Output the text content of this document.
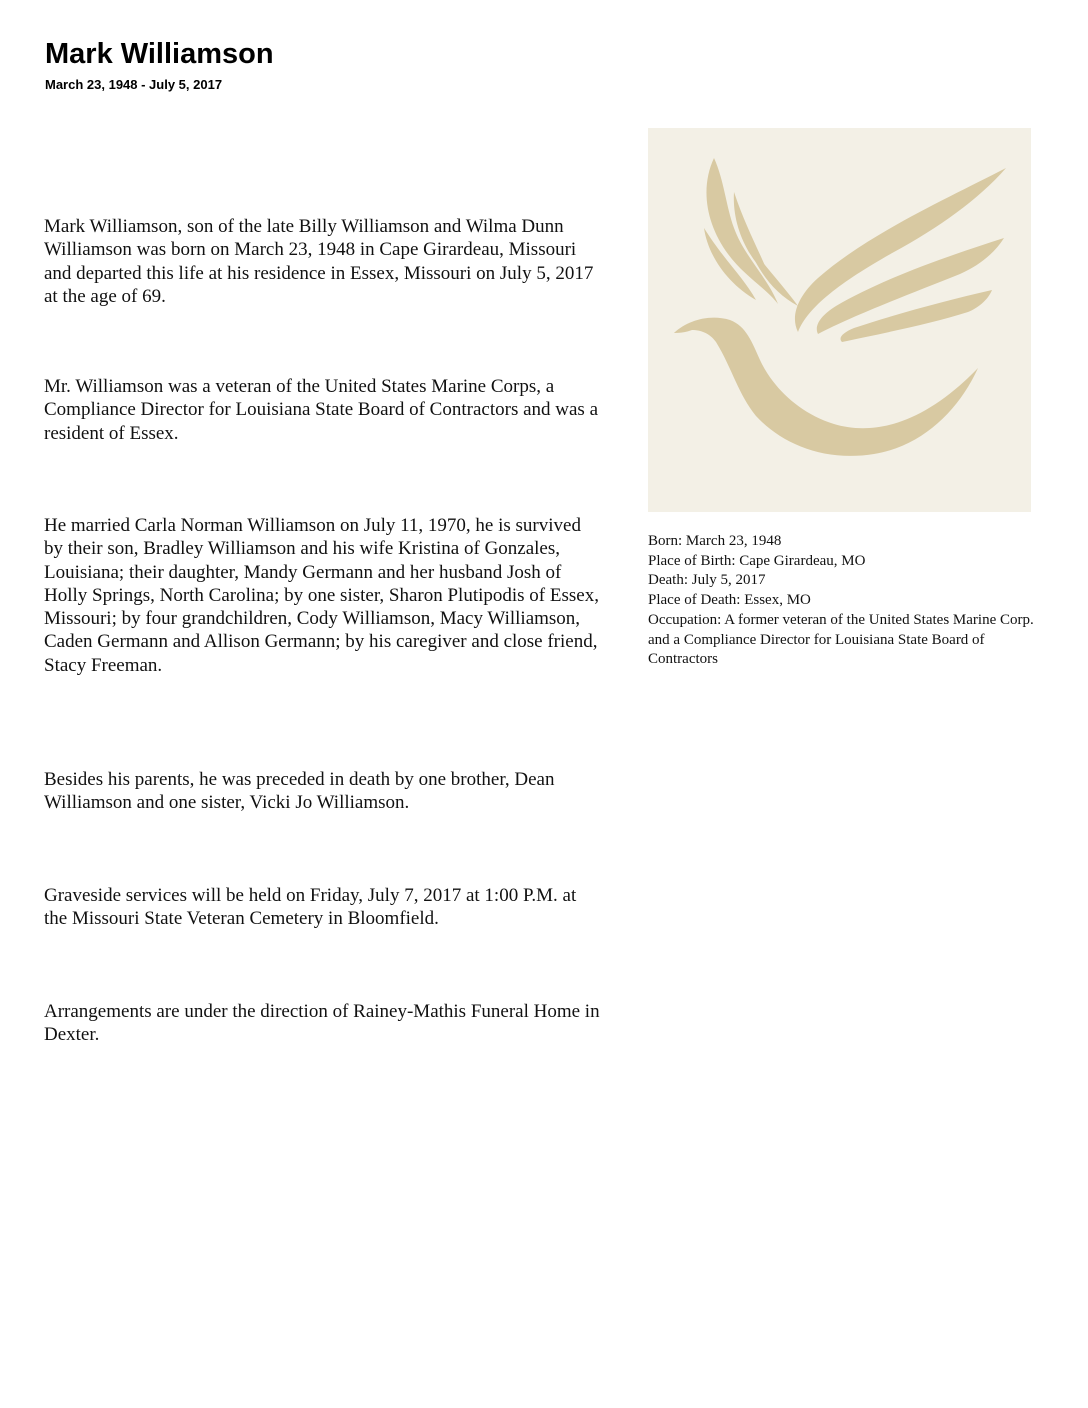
Mark Williamson

March 23, 1948 - July 5, 2017

Mark Williamson, son of the late Billy Williamson and Wilma Dunn Williamson was born on March 23, 1948 in Cape Girardeau, Missouri and departed this life at his residence in Essex, Missouri on July 5, 2017 at the age of 69.

Mr. Williamson was a veteran of the United States Marine Corps, a Compliance Director for Louisiana State Board of Contractors and was a resident of Essex.

He married Carla Norman Williamson on July 11, 1970, he is survived by their son, Bradley Williamson and his wife Kristina of Gonzales, Louisiana; their daughter, Mandy Germann and her husband Josh of Holly Springs, North Carolina; by one sister, Sharon Plutipodis of Essex, Missouri; by four grandchildren, Cody Williamson, Macy Williamson, Caden Germann and Allison Germann; by his caregiver and close friend, Stacy Freeman.

Besides his parents, he was preceded in death by one brother, Dean Williamson and one sister, Vicki Jo Williamson.

Graveside services will be held on Friday, July 7, 2017 at 1:00 P.M. at the Missouri State Veteran Cemetery in Bloomfield.

Arrangements are under the direction of Rainey-Mathis Funeral Home in Dexter.

Born: March 23, 1948

Place of Birth: Cape Girardeau, MO

Death: July 5, 2017

Place of Death: Essex, MO

Occupation: A former veteran of the United States Marine Corp. and a Compliance Director for Louisiana State Board of Contractors
